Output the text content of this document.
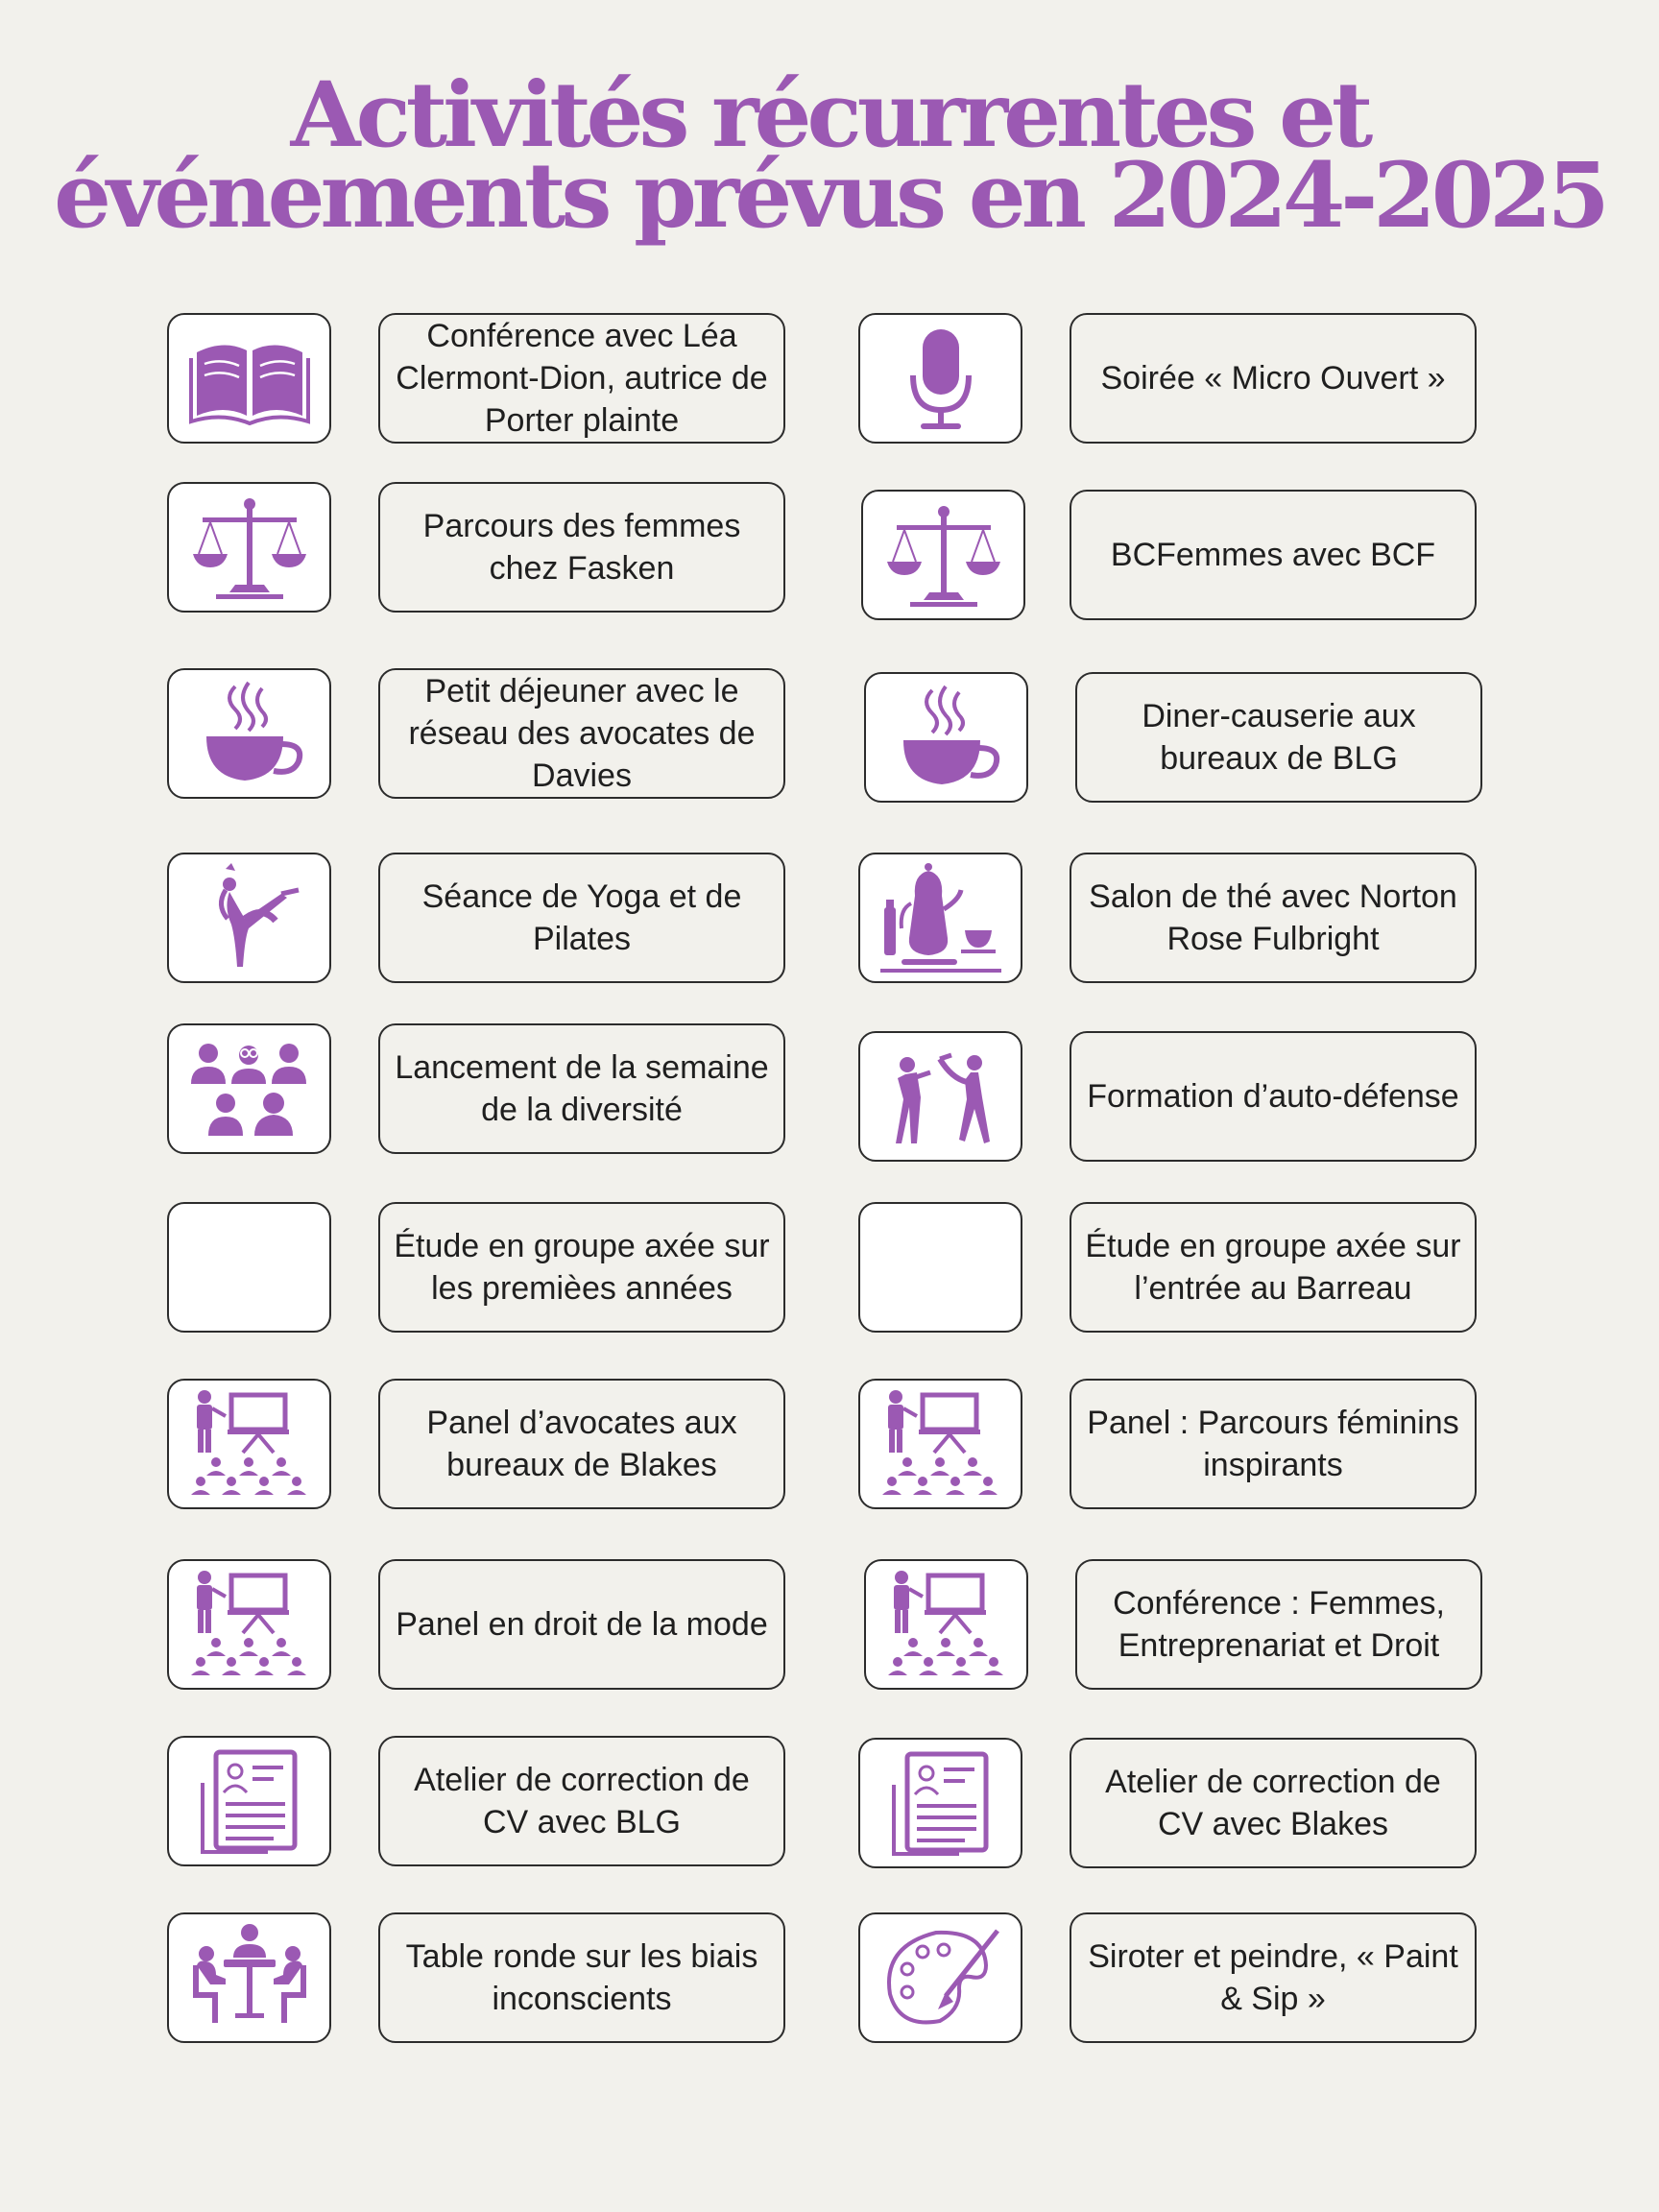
Activités récurrentes et
événements prévus en 2024-2025
Conférence avec Léa Clermont-Dion, autrice de Porter plainte
Soirée « Micro Ouvert »
Parcours des femmes chez Fasken	BCFemmes avec BCF
Petit déjeuner avec le réseau des avocates de Davies
Diner-causerie aux bureaux de BLG
Séance de Yoga et de Pilates
Salon de thé avec Norton Rose Fulbright
Lancement de la semaine de la diversité	Formation d’auto-défense
Étude en groupe axée sur les premièes années
Étude en groupe axée sur l’entrée au Barreau
Panel d’avocates aux bureaux de Blakes
Panel : Parcours féminins inspirants
Panel en droit de la mode
Conférence : Femmes, Entreprenariat et Droit
Atelier de correction de CV avec BLG
Atelier de correction de CV avec Blakes
Table ronde sur les biais inconscients
Siroter et peindre, « Paint & Sip »
